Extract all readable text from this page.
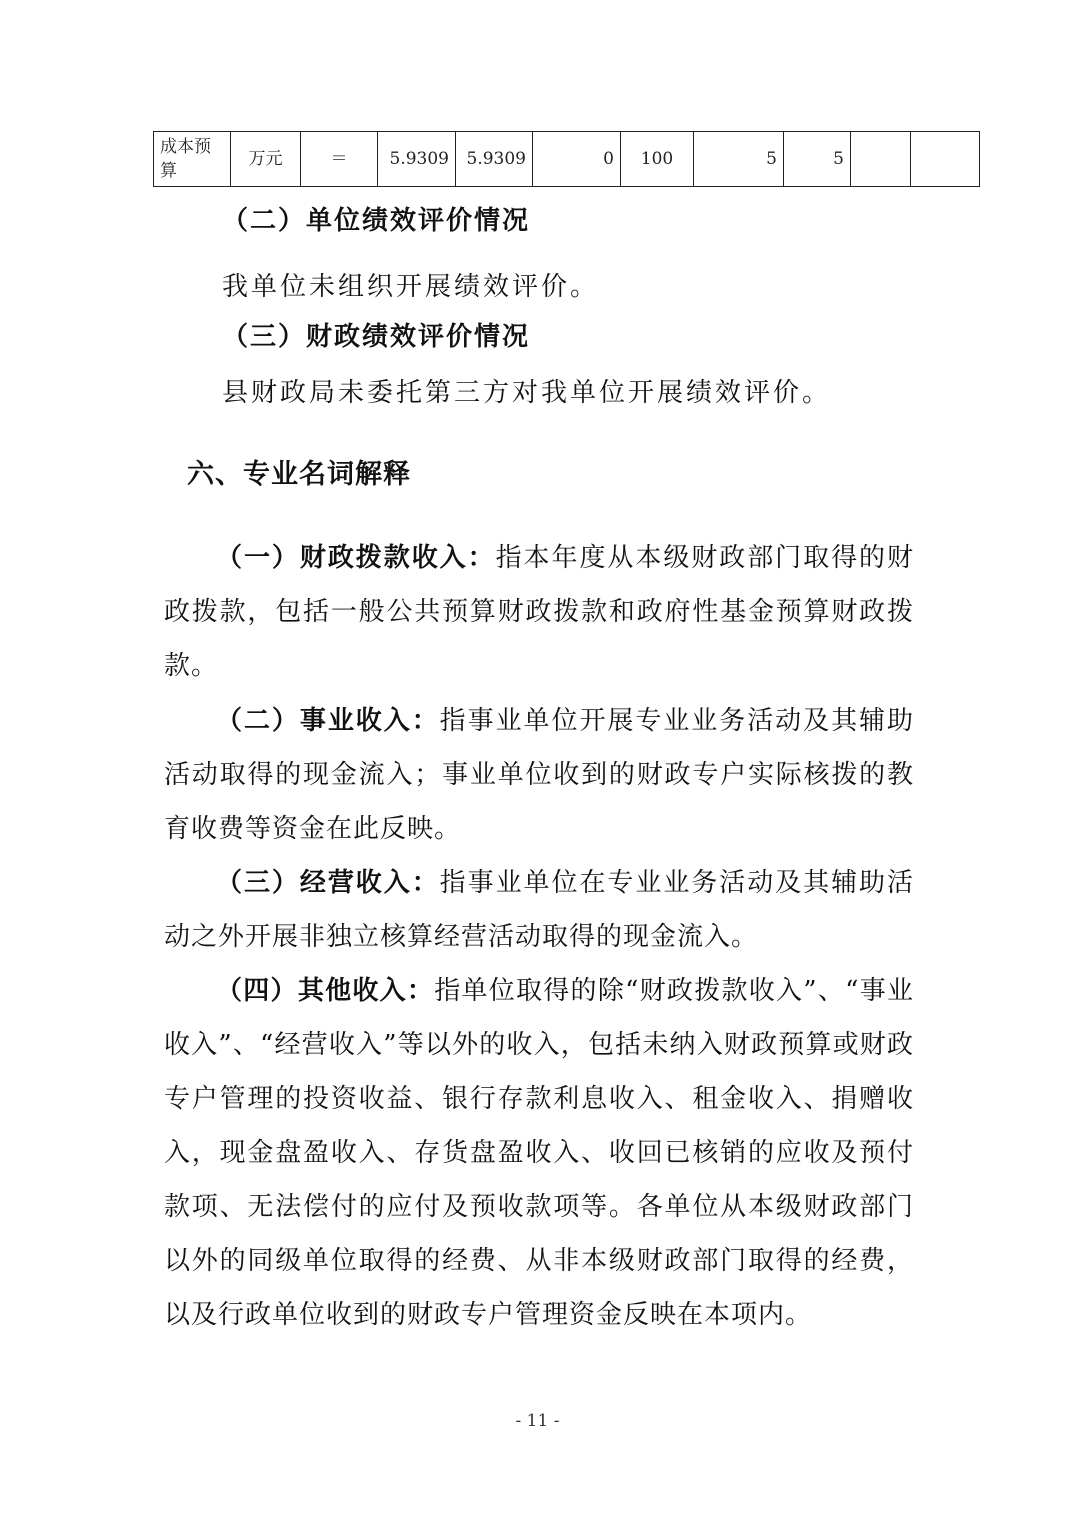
成本预算	万元	＝	5.9309	5.9309	0	100	5	5		
（二）单位绩效评价情况
我单位未组织开展绩效评价。
（三）财政绩效评价情况
县财政局未委托第三方对我单位开展绩效评价。
六、专业名词解释
（一）财政拨款收入：指本年度从本级财政部门取得的财政拨款，包括一般公共预算财政拨款和政府性基金预算财政拨款。
（二）事业收入：指事业单位开展专业业务活动及其辅助活动取得的现金流入；事业单位收到的财政专户实际核拨的教育收费等资金在此反映。
（三）经营收入：指事业单位在专业业务活动及其辅助活动之外开展非独立核算经营活动取得的现金流入。
（四）其他收入：指单位取得的除“财政拨款收入”、“事业收入”、“经营收入”等以外的收入，包括未纳入财政预算或财政专户管理的投资收益、银行存款利息收入、租金收入、捐赠收入，现金盘盈收入、存货盘盈收入、收回已核销的应收及预付款项、无法偿付的应付及预收款项等。各单位从本级财政部门以外的同级单位取得的经费、从非本级财政部门取得的经费，以及行政单位收到的财政专户管理资金反映在本项内。
- 11 -
